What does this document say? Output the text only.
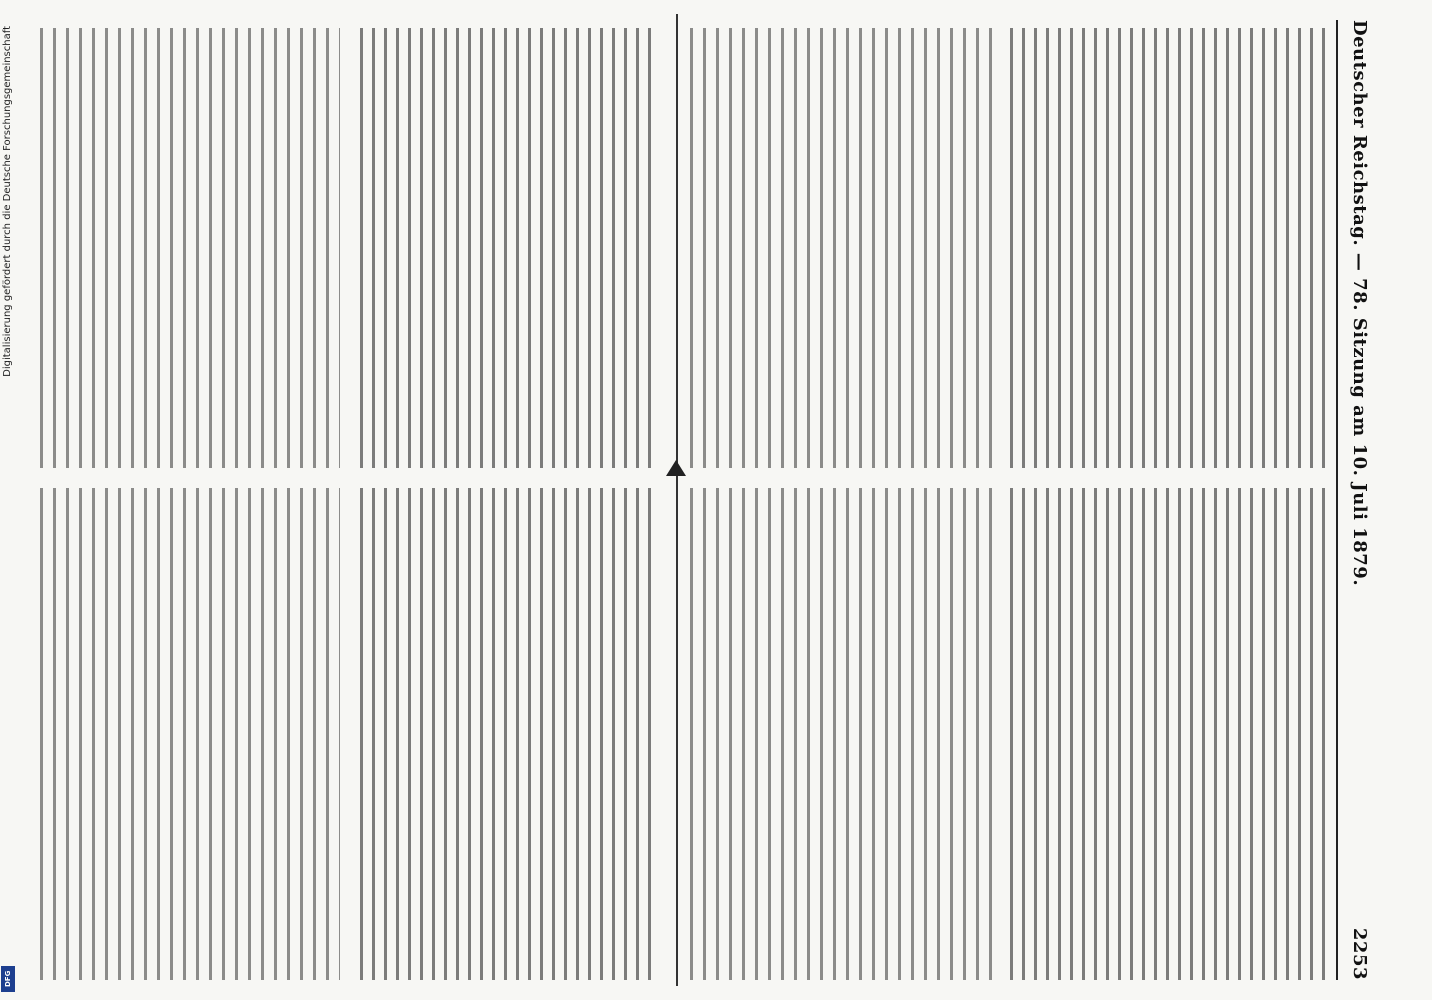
Deutscher Reichstag. — 78. Sitzung am 10. Juli 1879.
2253
Digitalisierung gefördert durch die Deutsche Forschungsgemeinschaft
DFG
